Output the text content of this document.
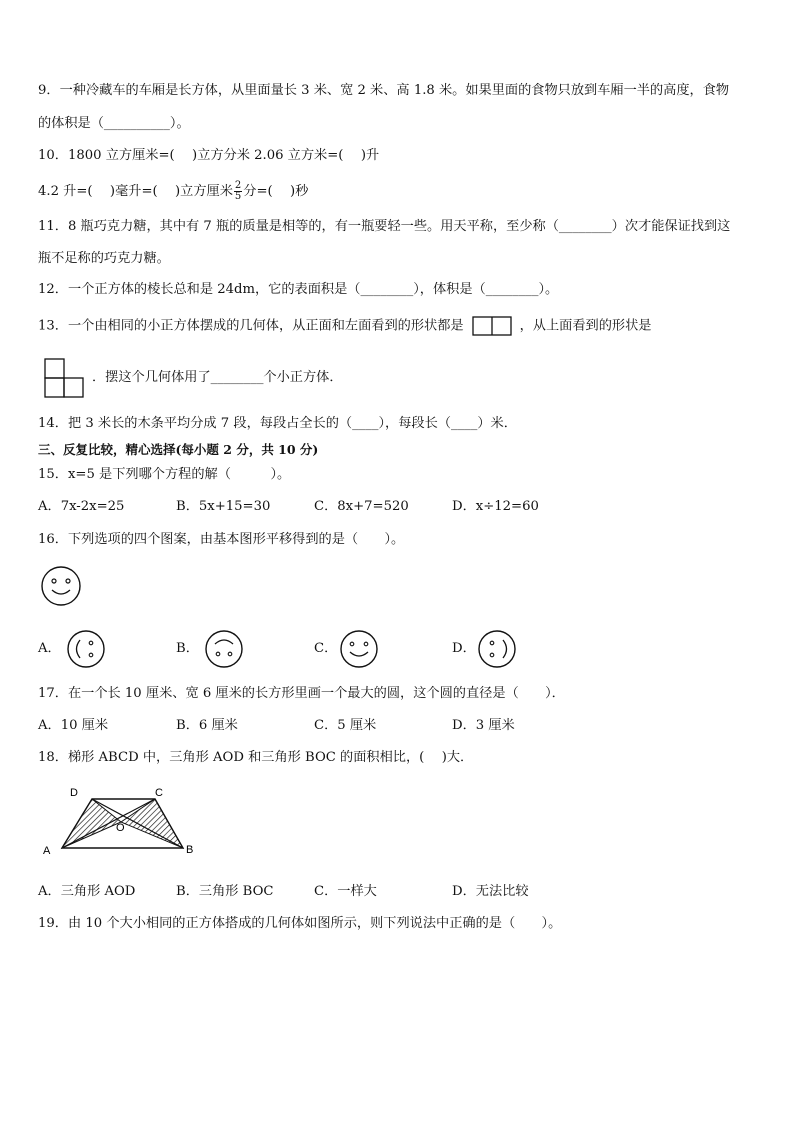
9．一种冷藏车的车厢是长方体，从里面量长 3 米、宽 2 米、高 1.8 米。如果里面的食物只放到车厢一半的高度，食物
的体积是（__________）。
10．1800 立方厘米=(　 )立方分米 2.06 立方米=(　 )升
4.2 升=(　 )毫升=(　 )立方厘米 $\frac{2}{5}$ 分=(　 )秒
11．8 瓶巧克力糖，其中有 7 瓶的质量是相等的，有一瓶要轻一些。用天平称，至少称（________）次才能保证找到这
瓶不足称的巧克力糖。
12．一个正方体的棱长总和是 24dm，它的表面积是（________），体积是（________）。
13．一个由相同的小正方体摆成的几何体，从正面和左面看到的形状都是	，从上面看到的形状是
．摆这个几何体用了________个小正方体．
14．把 3 米长的木条平均分成 7 段，每段占全长的（____），每段长（____）米．
三、反复比较，精心选择(每小题 2 分，共 10 分)
15．x=5 是下列哪个方程的解（　　　）。
A．7x-2x=25	B．5x+15=30	C．8x+7=520	D．x÷12=60
16．下列选项的四个图案，由基本图形平移得到的是（　　）。
A．	B．	C．	D．
17．在一个长 10 厘米、宽 6 厘米的长方形里画一个最大的圆，这个圆的直径是（　　）．
A．10 厘米	B．6 厘米	C．5 厘米	D．3 厘米
18．梯形 ABCD 中，三角形 AOD 和三角形 BOC 的面积相比，(　 )大．
D	C
O
A	B
A．三角形 AOD	B．三角形 BOC	C．一样大	D．无法比较
19．由 10 个大小相同的正方体搭成的几何体如图所示，则下列说法中正确的是（　　）。
